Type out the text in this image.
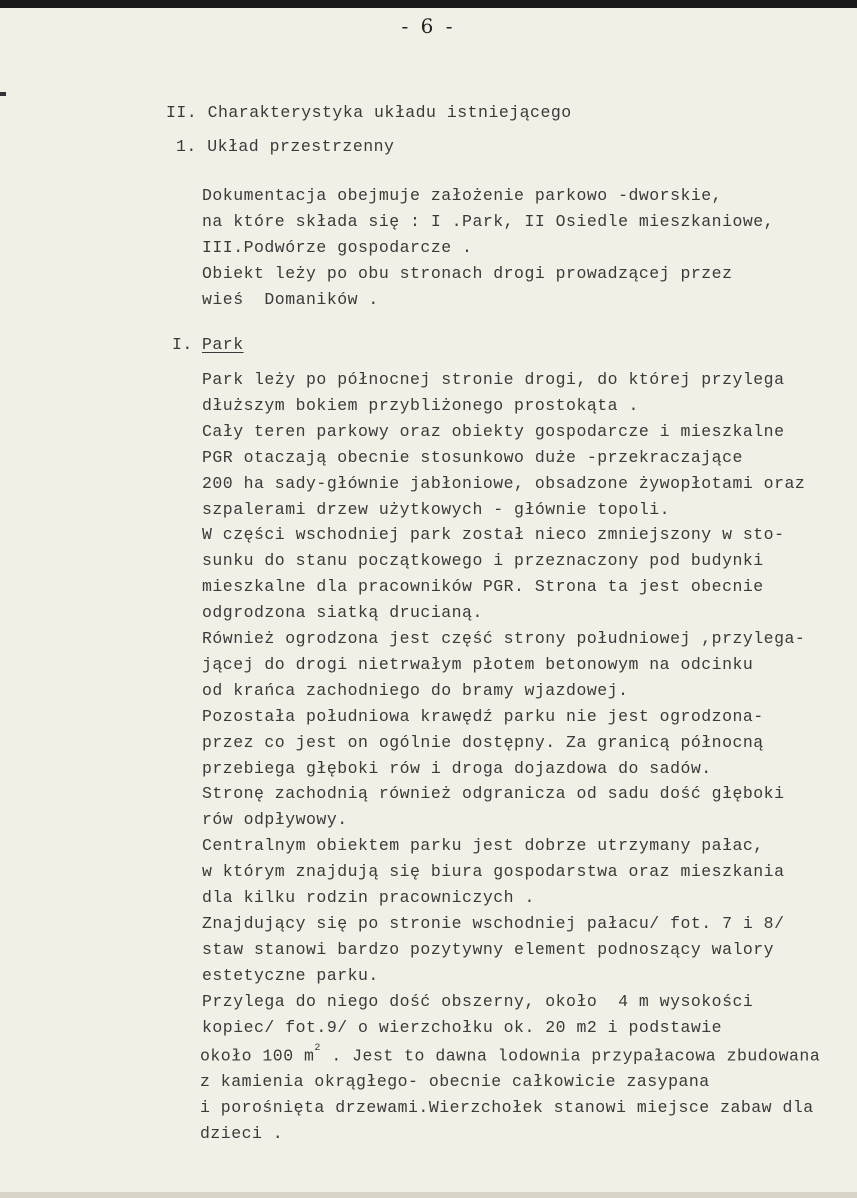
- 6 -
II. Charakterystyka układu istniejącego
1. Układ przestrzenny
Dokumentacja obejmuje założenie parkowo -dworskie,
na które składa się : I .Park, II Osiedle mieszkaniowe,
III.Podwórze gospodarcze .
Obiekt leży po obu stronach drogi prowadzącej przez
wieś  Domaników .
I. Park
Park leży po północnej stronie drogi, do której przylega
dłuższym bokiem przybliżonego prostokąta .
Cały teren parkowy oraz obiekty gospodarcze i mieszkalne
PGR otaczają obecnie stosunkowo duże -przekraczające
200 ha sady-głównie jabłoniowe, obsadzone żywopłotami oraz
szpalerami drzew użytkowych - głównie topoli.
W części wschodniej park został nieco zmniejszony w sto-
sunku do stanu początkowego i przeznaczony pod budynki
mieszkalne dla pracowników PGR. Strona ta jest obecnie
odgrodzona siatką drucianą.
Również ogrodzona jest część strony południowej ,przylega-
jącej do drogi nietrwałym płotem betonowym na odcinku
od krańca zachodniego do bramy wjazdowej.
Pozostała południowa krawędź parku nie jest ogrodzona-
przez co jest on ogólnie dostępny. Za granicą północną
przebiega głęboki rów i droga dojazdowa do sadów.
Stronę zachodnią również odgranicza od sadu dość głęboki
rów odpływowy.
Centralnym obiektem parku jest dobrze utrzymany pałac,
w którym znajdują się biura gospodarstwa oraz mieszkania
dla kilku rodzin pracowniczych .
Znajdujący się po stronie wschodniej pałacu/ fot. 7 i 8/
staw stanowi bardzo pozytywny element podnoszący walory
estetyczne parku.
Przylega do niego dość obszerny, około  4 m wysokości
kopiec/ fot.9/ o wierzchołku ok. 20 m2 i podstawie
około 100 $m^2$ . Jest to dawna lodownia przypałacowa zbudowana
z kamienia okrągłego- obecnie całkowicie zasypana
i porośnięta drzewami.Wierzchołek stanowi miejsce zabaw dla
dzieci .
